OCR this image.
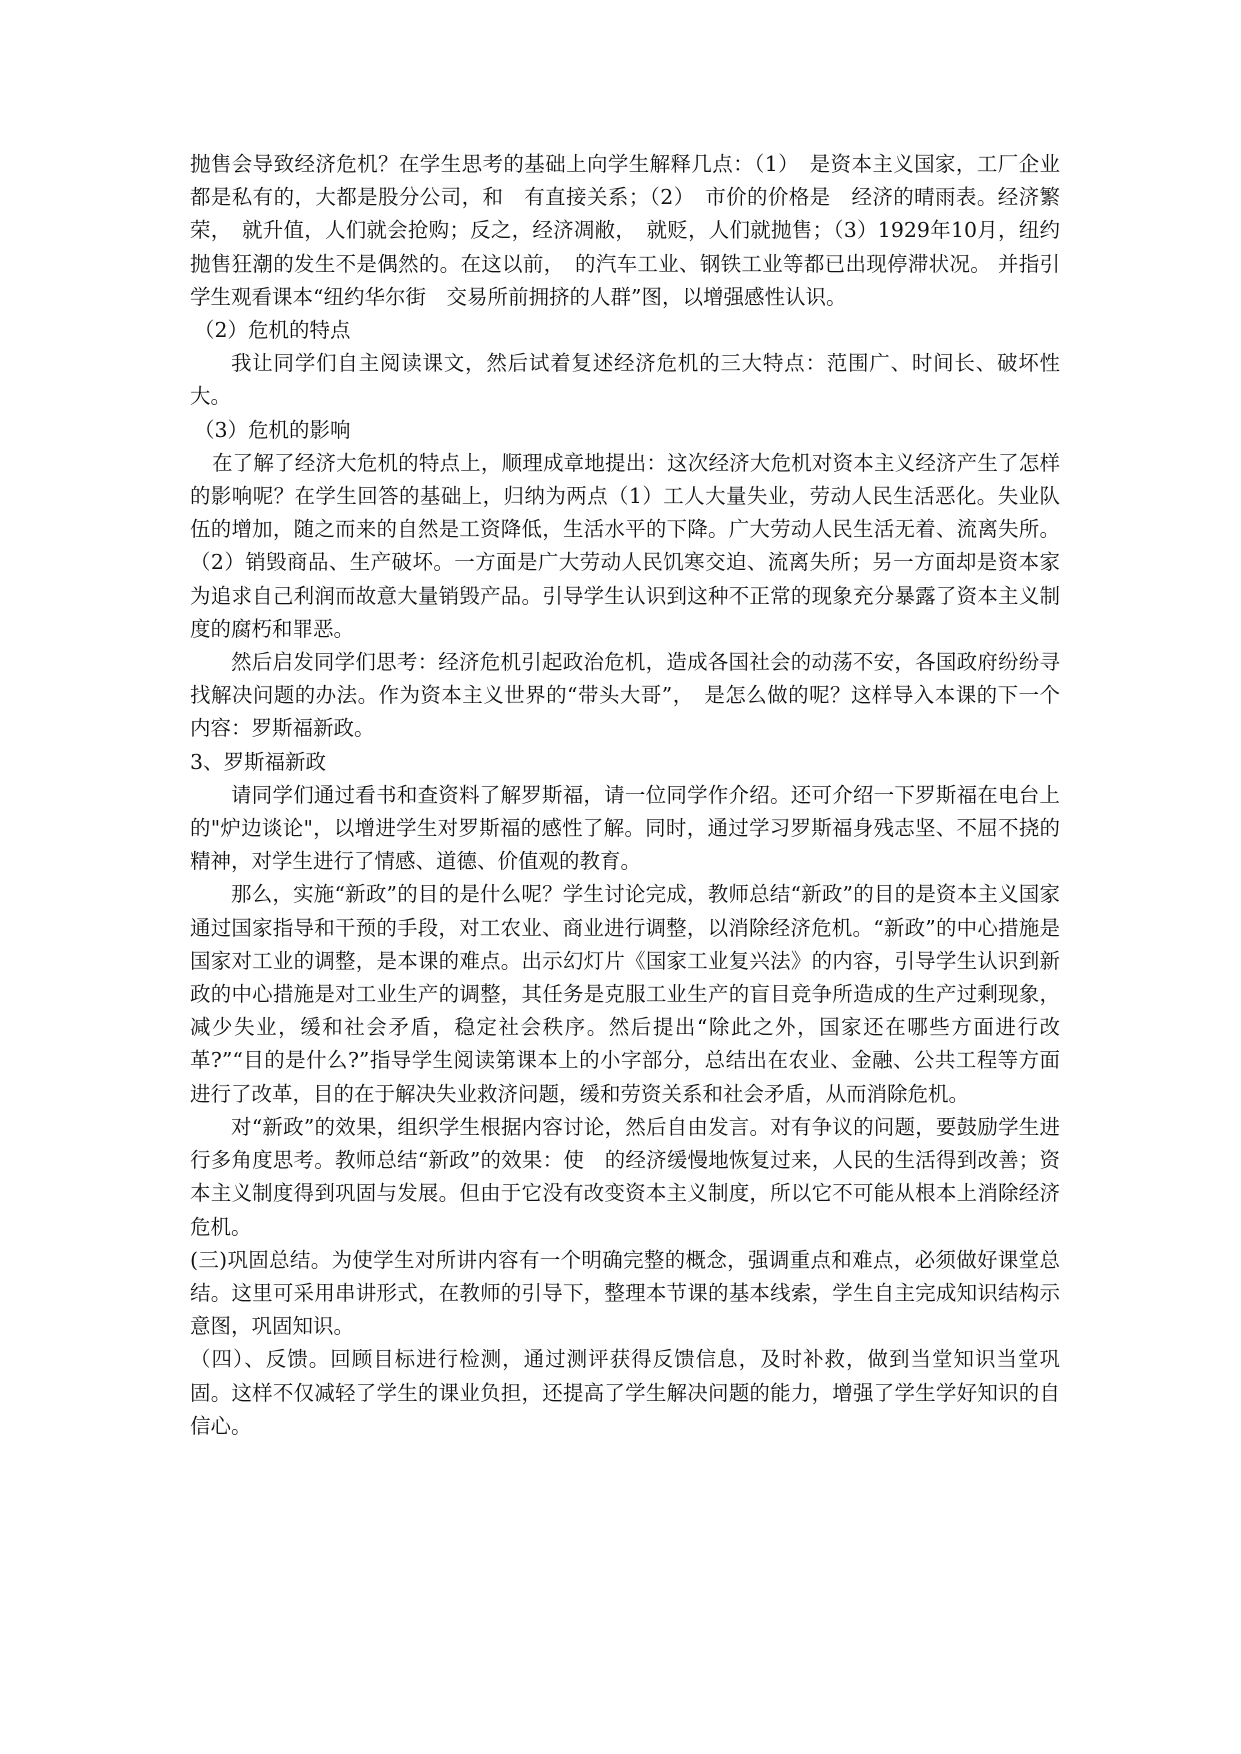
抛售会导致经济危机？在学生思考的基础上向学生解释几点：（1）　是资本主义国家，工厂企业都是私有的，大都是股分公司，和　有直接关系；（2）　市价的价格是　经济的晴雨表。经济繁荣，　就升值，人们就会抢购；反之，经济凋敝，　就贬，人们就抛售；（3）1929年10月，纽约　抛售狂潮的发生不是偶然的。在这以前，　的汽车工业、钢铁工业等都已出现停滞状况。 并指引学生观看课本“纽约华尔街　交易所前拥挤的人群”图，以增强感性认识。

（2）危机的特点

我让同学们自主阅读课文，然后试着复述经济危机的三大特点：范围广、时间长、破坏性大。

（3）危机的影响

在了解了经济大危机的特点上，顺理成章地提出：这次经济大危机对资本主义经济产生了怎样的影响呢？在学生回答的基础上，归纳为两点（1）工人大量失业，劳动人民生活恶化。失业队伍的增加，随之而来的自然是工资降低，生活水平的下降。广大劳动人民生活无着、流离失所。（2）销毁商品、生产破坏。一方面是广大劳动人民饥寒交迫、流离失所；另一方面却是资本家为追求自己利润而故意大量销毁产品。引导学生认识到这种不正常的现象充分暴露了资本主义制度的腐朽和罪恶。

然后启发同学们思考：经济危机引起政治危机，造成各国社会的动荡不安，各国政府纷纷寻找解决问题的办法。作为资本主义世界的“带头大哥”，　是怎么做的呢？这样导入本课的下一个内容：罗斯福新政。

3、罗斯福新政

请同学们通过看书和查资料了解罗斯福，请一位同学作介绍。还可介绍一下罗斯福在电台上的"炉边谈论"，以增进学生对罗斯福的感性了解。同时，通过学习罗斯福身残志坚、不屈不挠的精神，对学生进行了情感、道德、价值观的教育。

那么，实施“新政”的目的是什么呢？学生讨论完成，教师总结“新政”的目的是资本主义国家通过国家指导和干预的手段，对工农业、商业进行调整，以消除经济危机。“新政”的中心措施是国家对工业的调整，是本课的难点。出示幻灯片《国家工业复兴法》的内容，引导学生认识到新政的中心措施是对工业生产的调整，其任务是克服工业生产的盲目竞争所造成的生产过剩现象，减少失业，缓和社会矛盾，稳定社会秩序。然后提出“除此之外，国家还在哪些方面进行改革?”“目的是什么?”指导学生阅读第课本上的小字部分，总结出在农业、金融、公共工程等方面进行了改革，目的在于解决失业救济问题，缓和劳资关系和社会矛盾，从而消除危机。

对“新政”的效果，组织学生根据内容讨论，然后自由发言。对有争议的问题，要鼓励学生进行多角度思考。教师总结“新政”的效果：使　的经济缓慢地恢复过来，人民的生活得到改善；资本主义制度得到巩固与发展。但由于它没有改变资本主义制度，所以它不可能从根本上消除经济危机。

(三)巩固总结。为使学生对所讲内容有一个明确完整的概念，强调重点和难点，必须做好课堂总结。这里可采用串讲形式，在教师的引导下，整理本节课的基本线索，学生自主完成知识结构示意图，巩固知识。

（四）、反馈。回顾目标进行检测，通过测评获得反馈信息，及时补救，做到当堂知识当堂巩固。这样不仅减轻了学生的课业负担，还提高了学生解决问题的能力，增强了学生学好知识的自信心。
